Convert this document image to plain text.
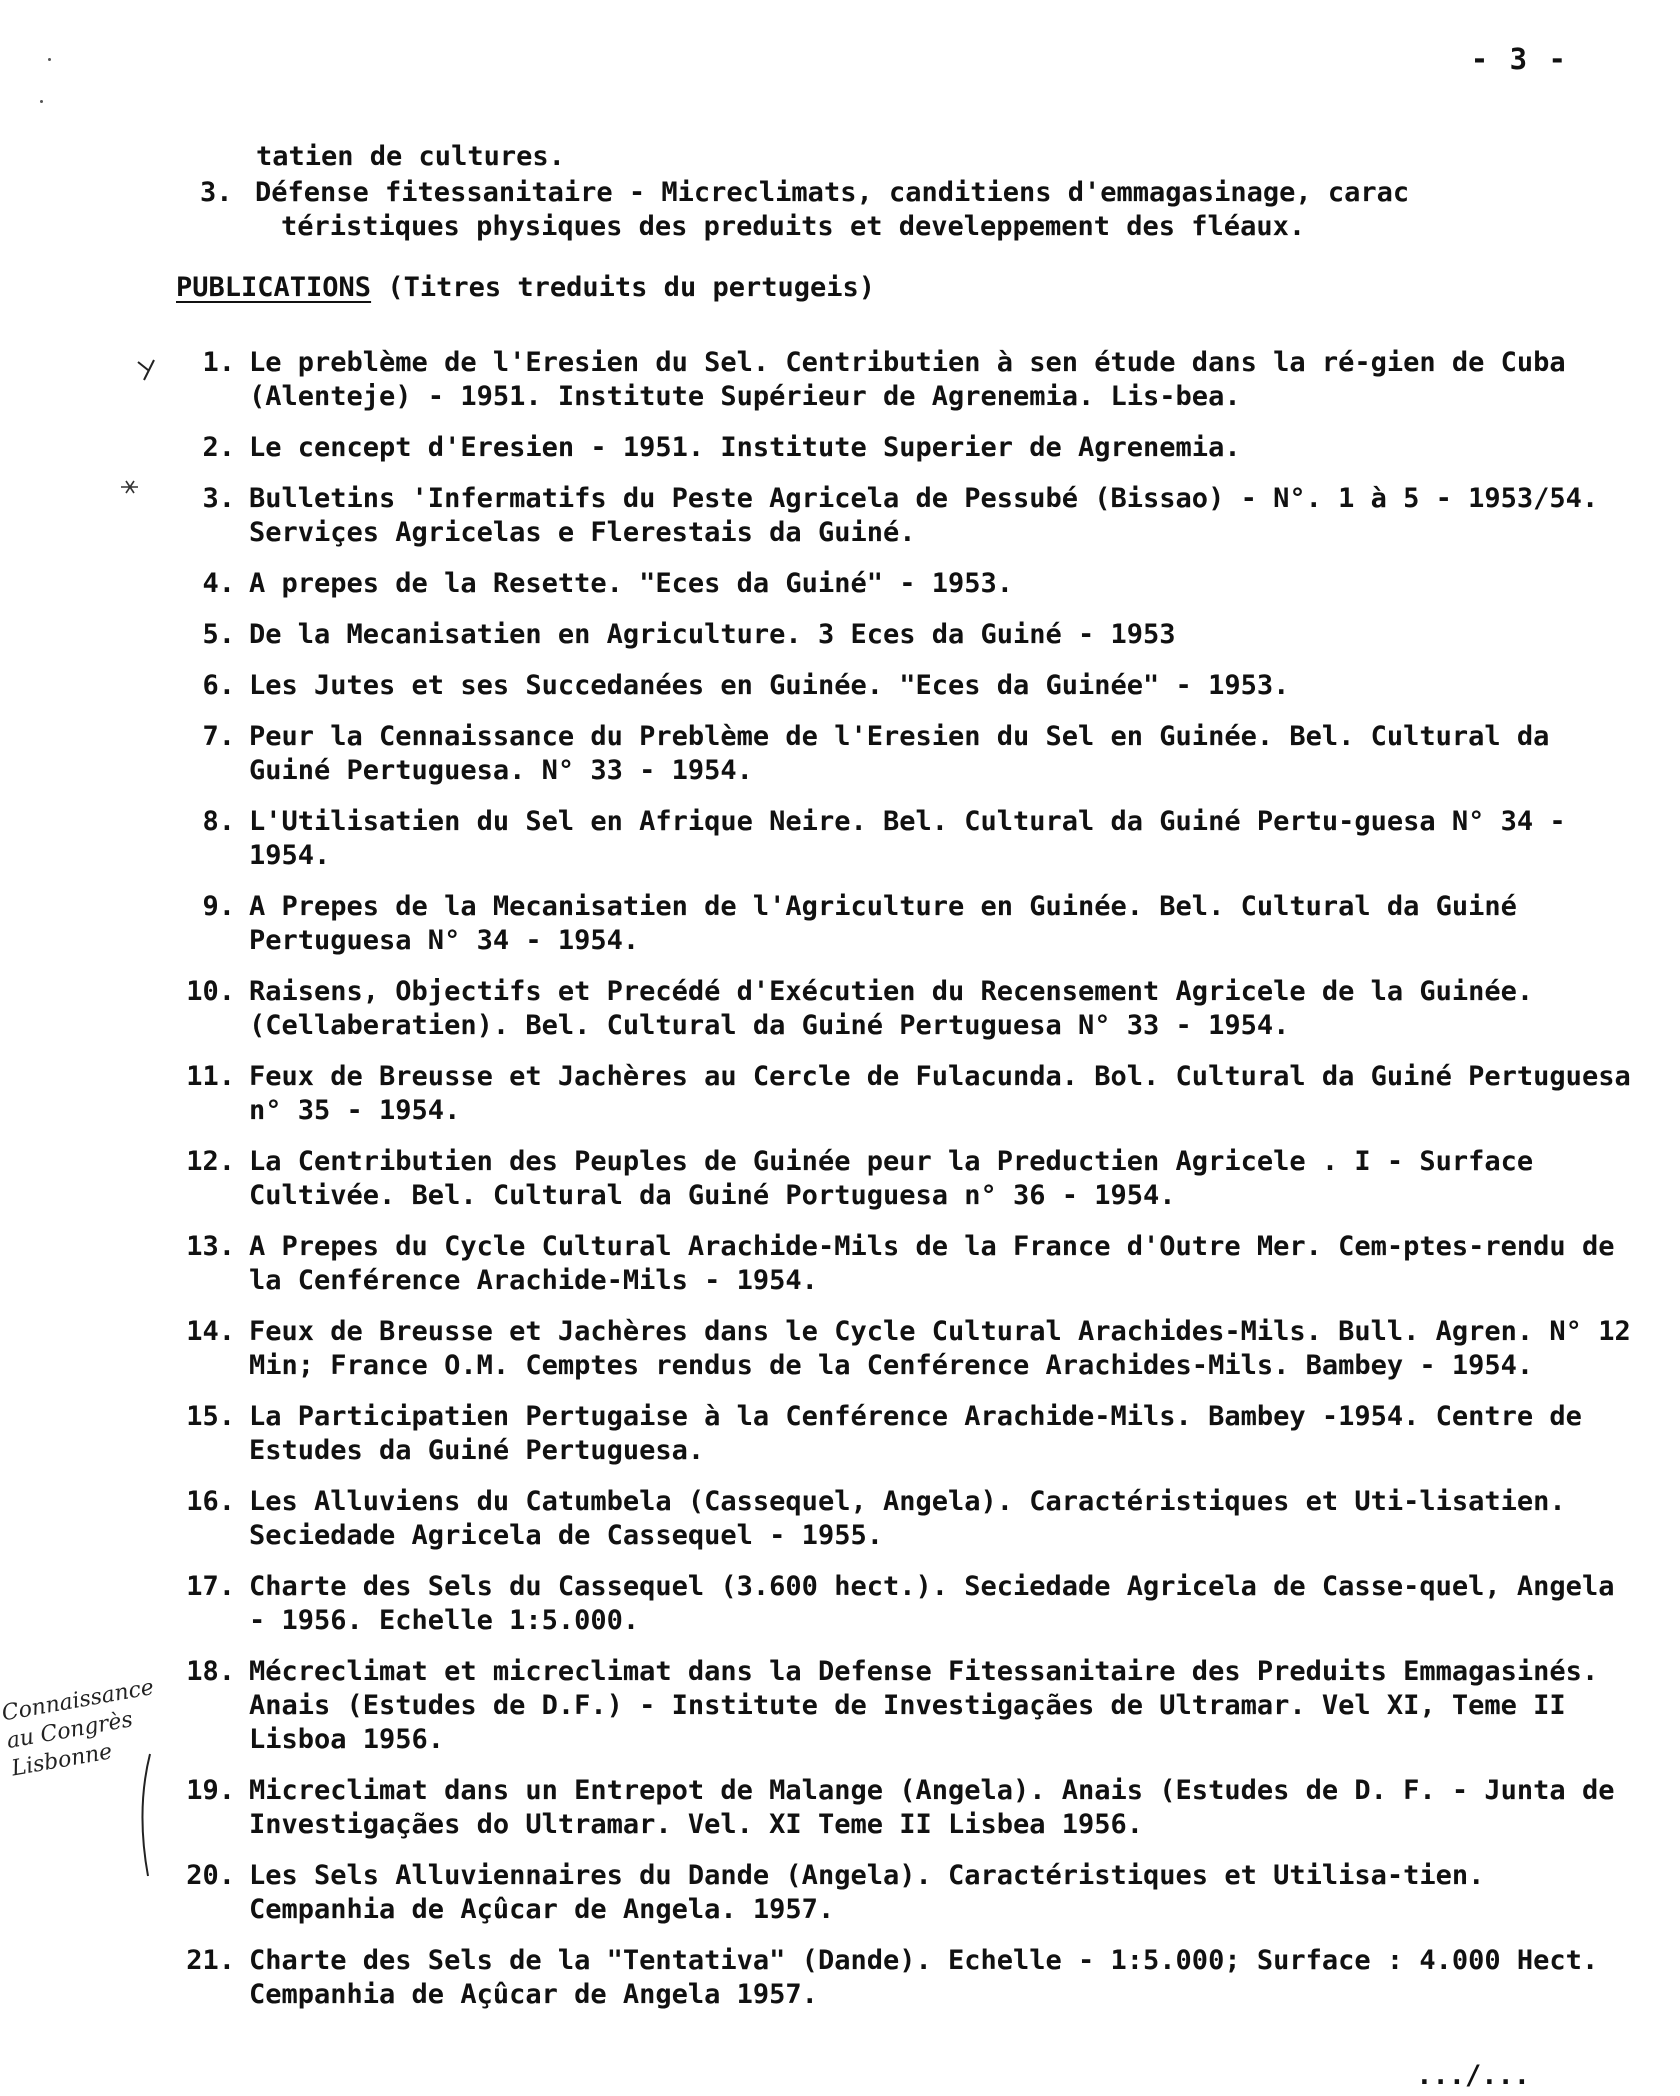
- 3 -
tatien de cultures.
3. Défense fitessanitaire - Micreclimats, canditiens d'emmagasinage, carac
téristiques physiques des preduits et develeppement des fléaux.
PUBLICATIONS (Titres treduits du pertugeis)
1. Le preblème de l'Eresien du Sel. Centributien à sen étude dans la ré-gien de Cuba (Alenteje) - 1951. Institute Supérieur de Agrenemia. Lis-bea.
2. Le cencept d'Eresien - 1951. Institute Superier de Agrenemia.
3. Bulletins 'Infermatifs du Peste Agricela de Pessubé (Bissao) - N°. 1 à 5 - 1953/54. Serviçes Agricelas e Flerestais da Guiné.
4. A prepes de la Resette. "Eces da Guiné" - 1953.
5. De la Mecanisatien en Agriculture. 3 Eces da Guiné - 1953
6. Les Jutes et ses Succedanées en Guinée. "Eces da Guinée" - 1953.
7. Peur la Cennaissance du Preblème de l'Eresien du Sel en Guinée. Bel. Cultural da Guiné Pertuguesa. N° 33 - 1954.
8. L'Utilisatien du Sel en Afrique Neire. Bel. Cultural da Guiné Pertu-guesa N° 34 - 1954.
9. A Prepes de la Mecanisatien de l'Agriculture en Guinée. Bel. Cultural da Guiné Pertuguesa N° 34 - 1954.
10. Raisens, Objectifs et Precédé d'Exécutien du Recensement Agricele de la Guinée.(Cellaberatien). Bel. Cultural da Guiné Pertuguesa N° 33 - 1954.
11. Feux de Breusse et Jachères au Cercle de Fulacunda. Bol. Cultural da Guiné Pertuguesa n° 35 - 1954.
12. La Centributien des Peuples de Guinée peur la Preductien Agricele . I - Surface Cultivée. Bel. Cultural da Guiné Portuguesa n° 36 - 1954.
13. A Prepes du Cycle Cultural Arachide-Mils de la France d'Outre Mer. Cem-ptes-rendu de la Cenférence Arachide-Mils - 1954.
14. Feux de Breusse et Jachères dans le Cycle Cultural Arachides-Mils. Bull. Agren. N° 12 Min; France O.M. Cemptes rendus de la Cenférence Arachides-Mils. Bambey - 1954.
15. La Participatien Pertugaise à la Cenférence Arachide-Mils. Bambey -1954. Centre de Estudes da Guiné Pertuguesa.
16. Les Alluviens du Catumbela (Cassequel, Angela). Caractéristiques et Uti-lisatien. Seciedade Agricela de Cassequel - 1955.
17. Charte des Sels du Cassequel (3.600 hect.). Seciedade Agricela de Casse-quel, Angela - 1956. Echelle 1:5.000.
18. Mécreclimat et micreclimat dans la Defense Fitessanitaire des Preduits Emmagasinés. Anais (Estudes de D.F.) - Institute de Investigaçães de Ultramar. Vel XI, Teme II Lisboa 1956.
19. Micreclimat dans un Entrepot de Malange (Angela). Anais (Estudes de D. F. - Junta de Investigaçães do Ultramar. Vel. XI Teme II Lisbea 1956.
20. Les Sels Alluviennaires du Dande (Angela). Caractéristiques et Utilisa-tien. Cempanhia de Açûcar de Angela. 1957.
21. Charte des Sels de la "Tentativa" (Dande). Echelle - 1:5.000; Surface : 4.000 Hect. Cempanhia de Açûcar de Angela 1957.
Connaissance au Congrès Lisbonne
.../...
